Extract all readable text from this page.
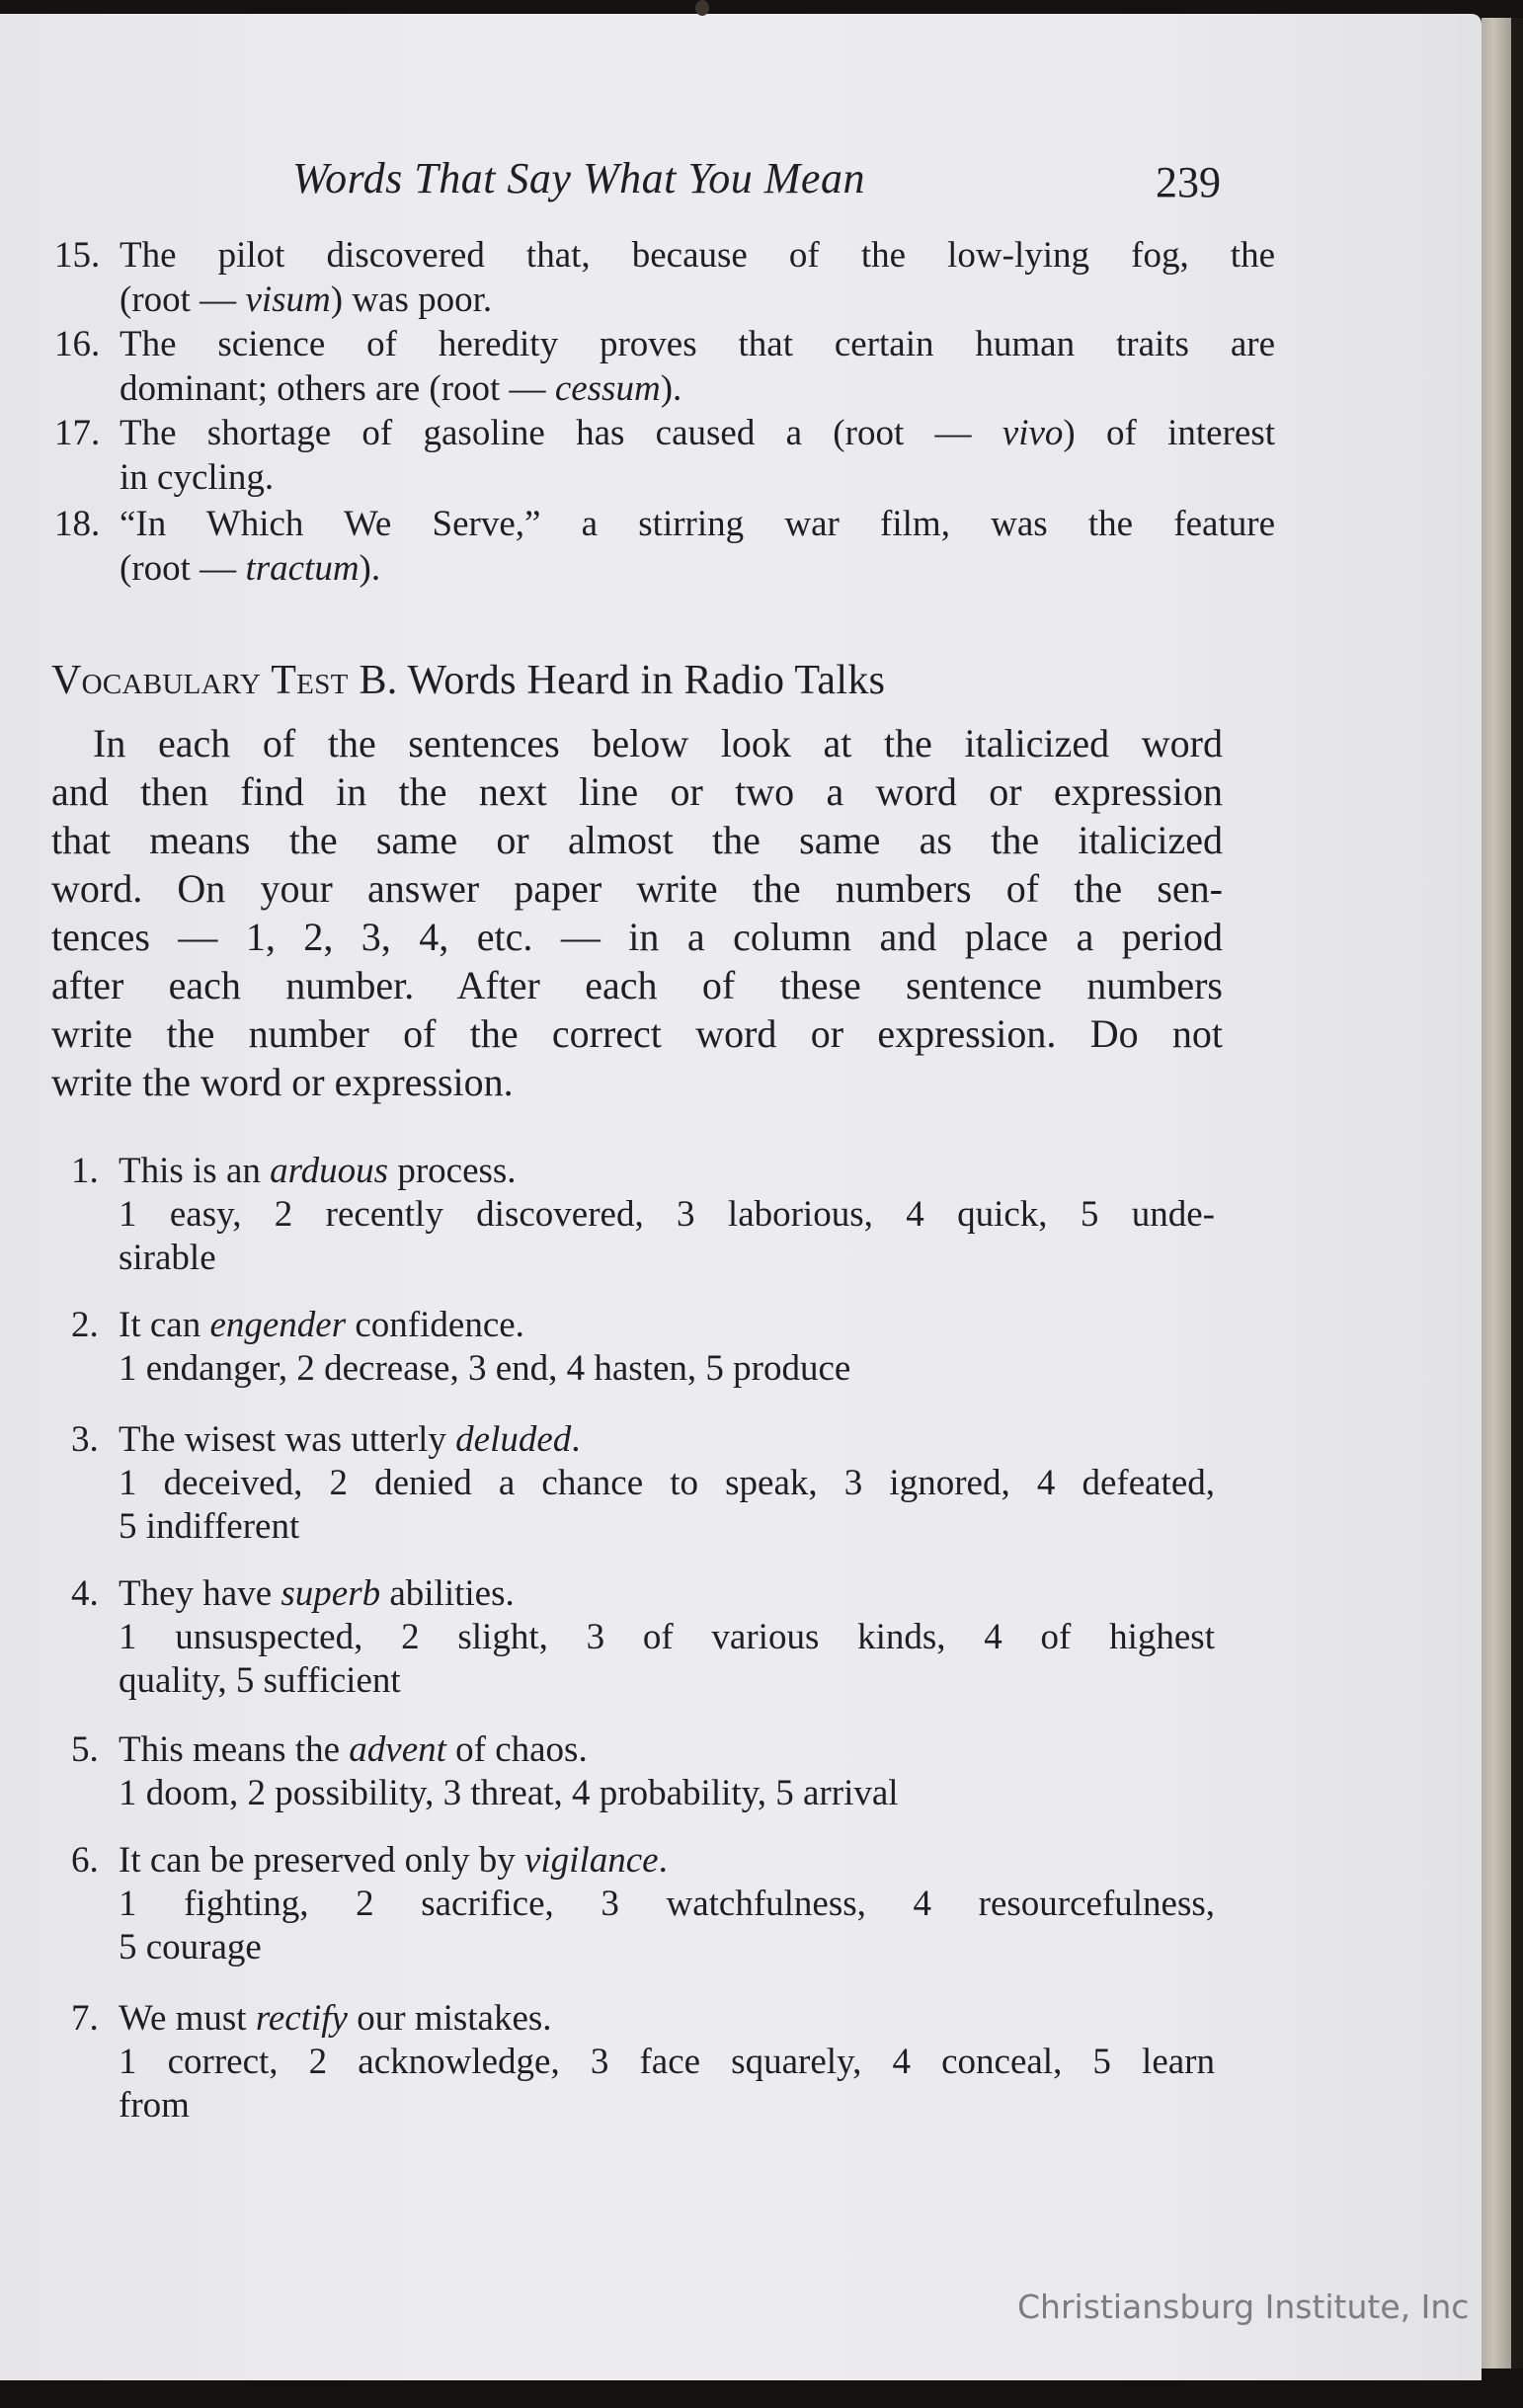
Words That Say What You Mean	239
15. The pilot discovered that, because of the low-lying fog, the
(root — visum) was poor.
16. The science of heredity proves that certain human traits are
dominant; others are (root — cessum).
17. The shortage of gasoline has caused a (root — vivo) of interest
in cycling.
18. “In Which We Serve,” a stirring war film, was the feature
(root — tractum).
Vocabulary Test B. Words Heard in Radio Talks
In each of the sentences below look at the italicized word
and then find in the next line or two a word or expression
that means the same or almost the same as the italicized
word. On your answer paper write the numbers of the sen-
tences — 1, 2, 3, 4, etc. — in a column and place a period
after each number. After each of these sentence numbers
write the number of the correct word or expression. Do not
write the word or expression.
1. This is an arduous process.
1 easy, 2 recently discovered, 3 laborious, 4 quick, 5 unde-
sirable
2. It can engender confidence.
1 endanger, 2 decrease, 3 end, 4 hasten, 5 produce
3. The wisest was utterly deluded.
1 deceived, 2 denied a chance to speak, 3 ignored, 4 defeated,
5 indifferent
4. They have superb abilities.
1 unsuspected, 2 slight, 3 of various kinds, 4 of highest
quality, 5 sufficient
5. This means the advent of chaos.
1 doom, 2 possibility, 3 threat, 4 probability, 5 arrival
6. It can be preserved only by vigilance.
1 fighting, 2 sacrifice, 3 watchfulness, 4 resourcefulness,
5 courage
7. We must rectify our mistakes.
1 correct, 2 acknowledge, 3 face squarely, 4 conceal, 5 learn
from
Christiansburg Institute, Inc
